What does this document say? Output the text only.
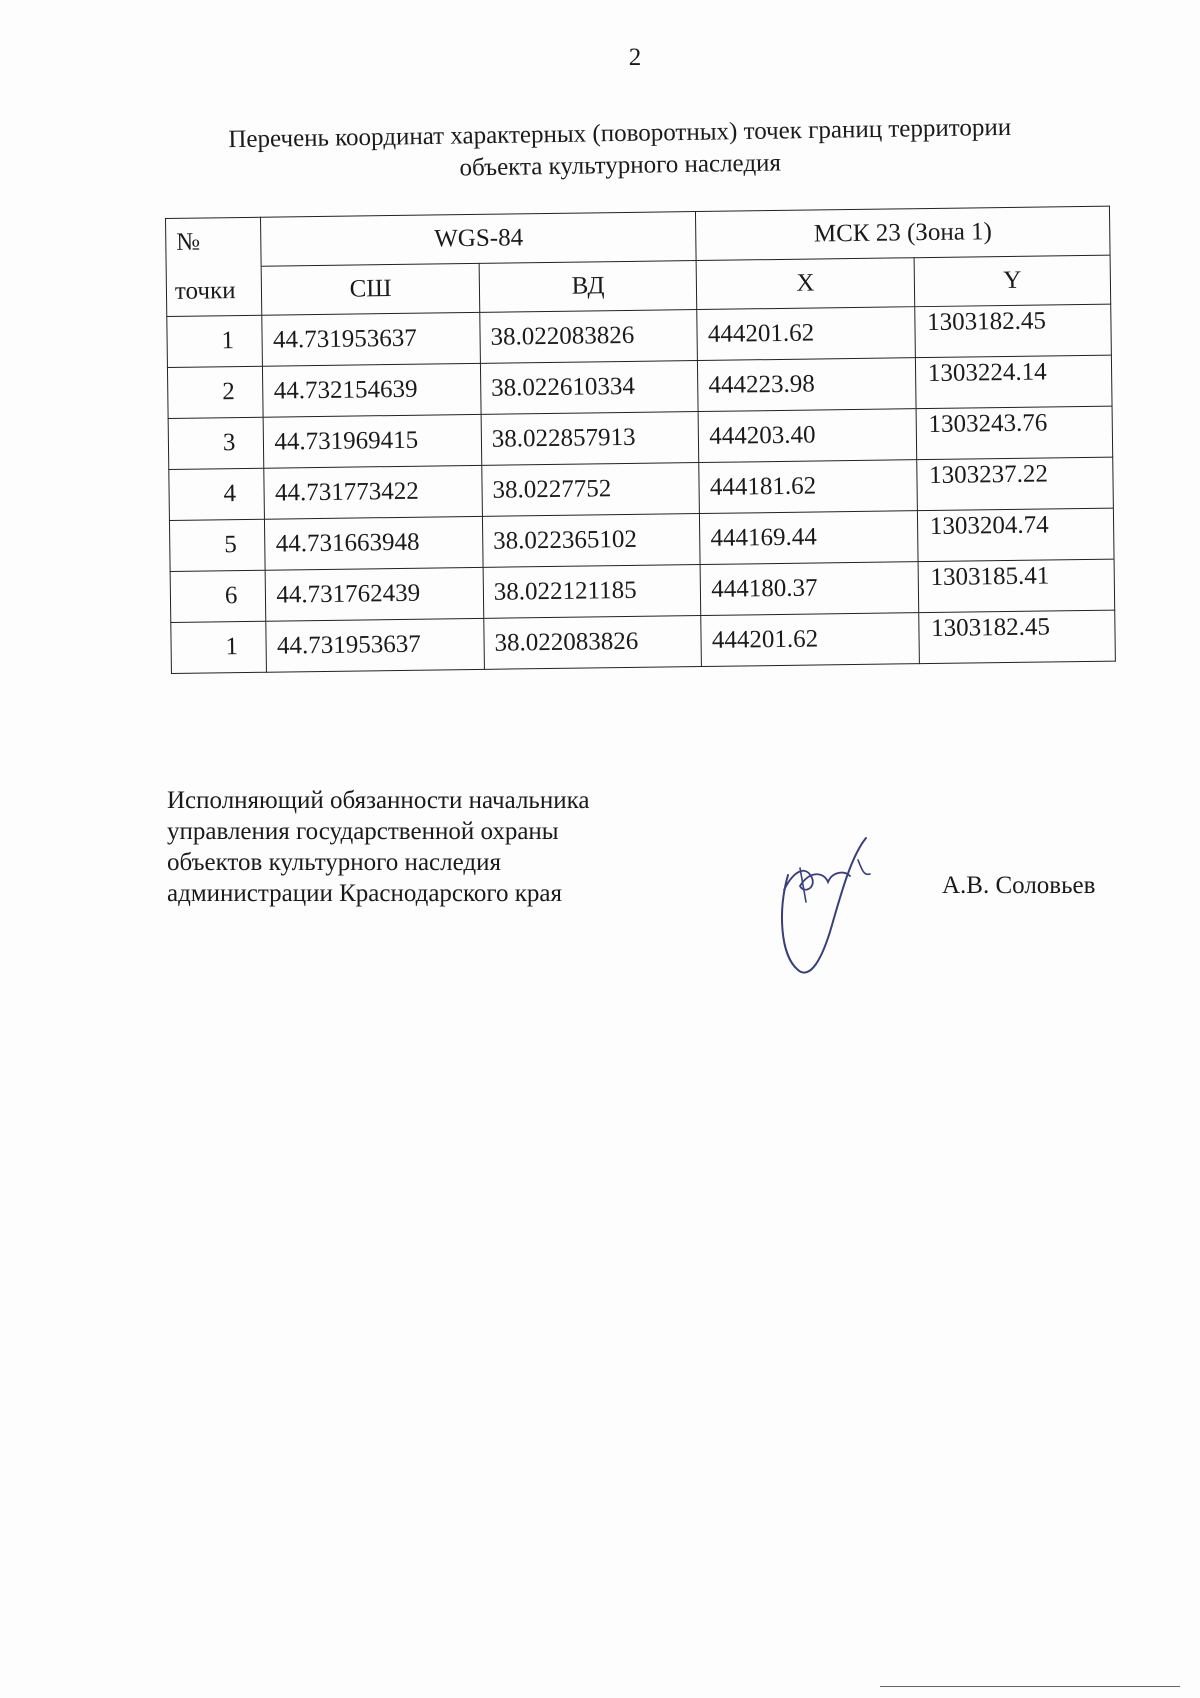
2
Перечень координат характерных (поворотных) точек границ территории
объекта культурного наследия
№	WGS-84		МСК 23 (Зона 1)	
точки	СШ	ВД	X	Y
1	44.731953637	38.022083826	444201.62	1303182.45
2	44.732154639	38.022610334	444223.98	1303224.14
3	44.731969415	38.022857913	444203.40	1303243.76
4	44.731773422	38.0227752	444181.62	1303237.22
5	44.731663948	38.022365102	444169.44	1303204.74
6	44.731762439	38.022121185	444180.37	1303185.41
1	44.731953637	38.022083826	444201.62	1303182.45
Исполняющий обязанности начальника
управления государственной охраны
объектов культурного наследия
администрации Краснодарского края	А.В. Соловьев
